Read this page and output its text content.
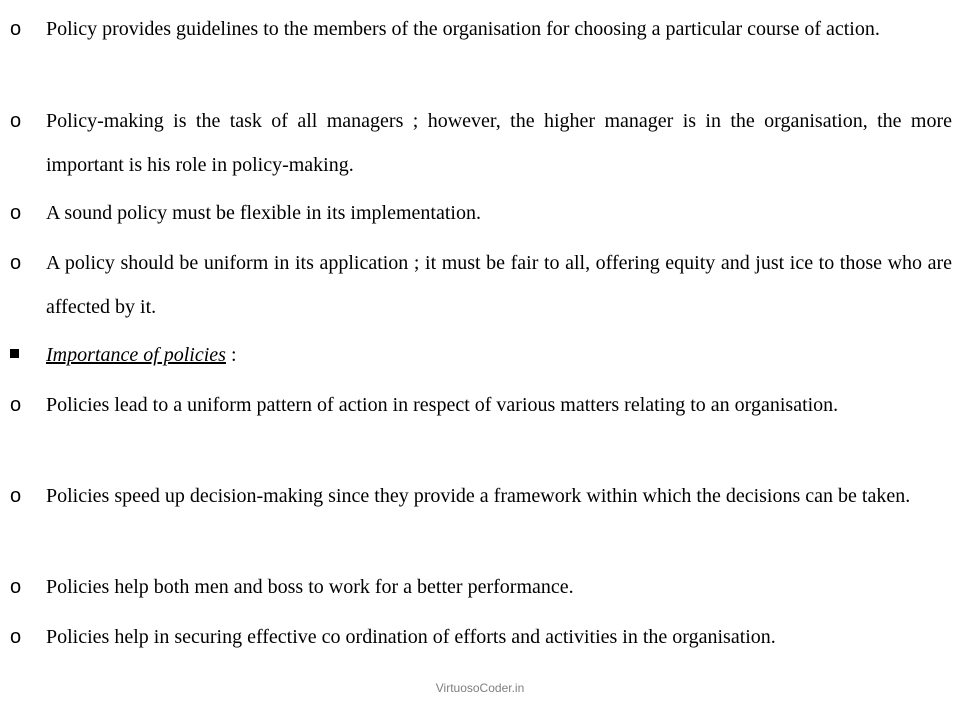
o Policy provides guidelines to the members of the organisation for choosing a particular course of action.
o Policy-making is the task of all managers ; however, the higher manager is in the organisation, the more important is his role in policy-making.
o A sound policy must be flexible in its implementation.
o A policy should be uniform in its application ; it must be fair to all, offering equity and just ice to those who are affected by it.
Importance of policies :
o Policies lead to a uniform pattern of action in respect of various matters relating to an organisation.
o Policies speed up decision-making since they provide a framework within which the decisions can be taken.
o Policies help both men and boss to work for a better performance.
o Policies help in securing effective co ordination of efforts and activities in the organisation.
VirtuosoCoder.in
